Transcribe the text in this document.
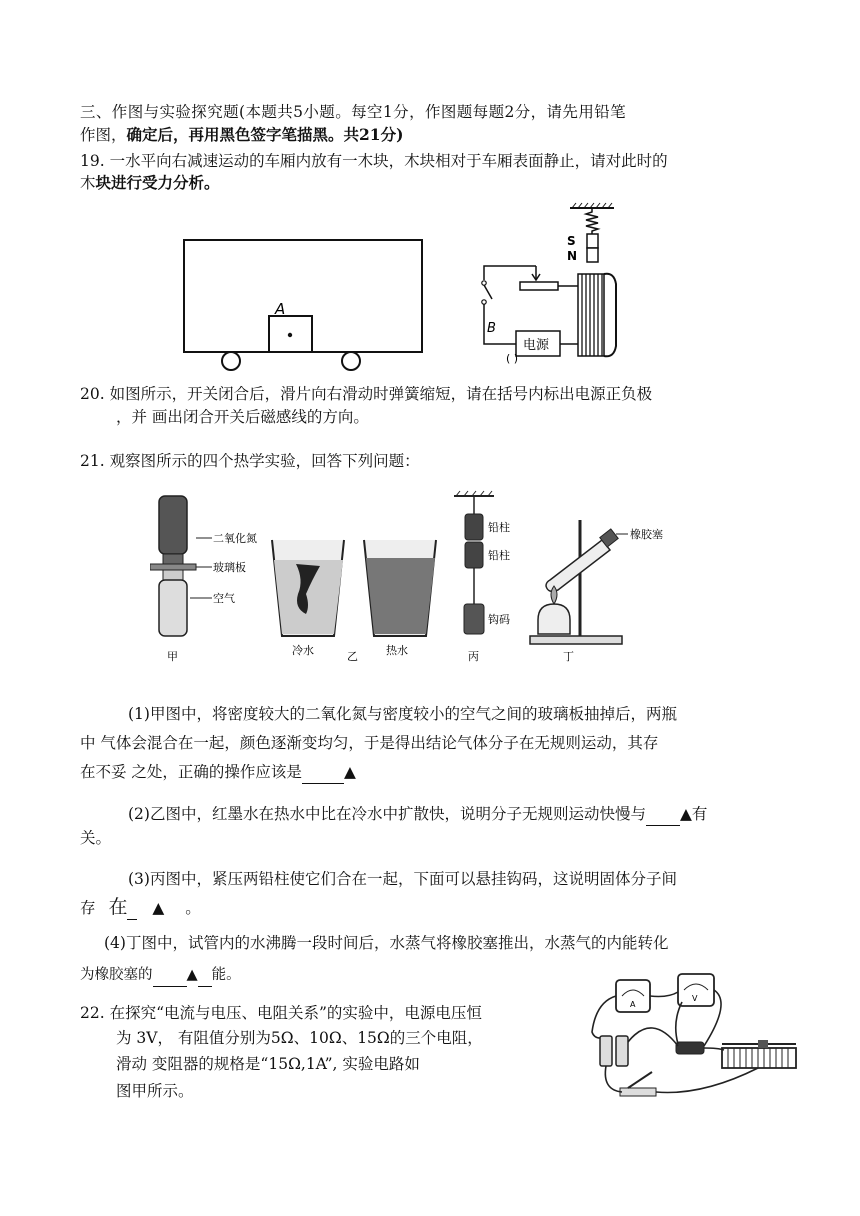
三、作图与实验探究题(本题共5小题。每空1分，作图题每题2分，请先用铅笔
作图，确定后，再用黑色签字笔描黑。共21分)
19. 一水平向右减速运动的车厢内放有一木块，木块相对于车厢表面静止，请对此时的
木块进行受力分析。
A
S
N
B
电源
( )
20. 如图所示，开关闭合后，滑片向右滑动时弹簧缩短，请在括号内标出电源正负极
，并 画出闭合开关后磁感线的方向。
21. 观察图所示的四个热学实验，回答下列问题：
二氧化氮
玻璃板
空气
甲	冷水	乙	热水
铅柱
铅柱
钩码
丙
橡胶塞
丁
(1)甲图中，将密度较大的二氧化氮与密度较小的空气之间的玻璃板抽掉后，两瓶
中 气体会混合在一起，颜色逐渐变均匀，于是得出结论气体分子在无规则运动，其存
在不妥 之处，正确的操作应该是	▲
(2)乙图中，红墨水在热水中比在冷水中扩散快，说明分子无规则运动快慢与 ▲有
关。
(3)丙图中，紧压两铅柱使它们合在一起，下面可以悬挂钩码，这说明固体分子间
存 在 ▲ 。
(4)丁图中，试管内的水沸腾一段时间后，水蒸气将橡胶塞推出，水蒸气的内能转化
为橡胶塞的 ▲ 能。
22. 在探究“电流与电压、电阻关系”的实验中，电源电压恒
为 3V， 有阻值分别为5Ω、10Ω、15Ω的三个电阻，
滑动 变阻器的规格是“15Ω,1A”, 实验电路如
图甲所示。
A
V
